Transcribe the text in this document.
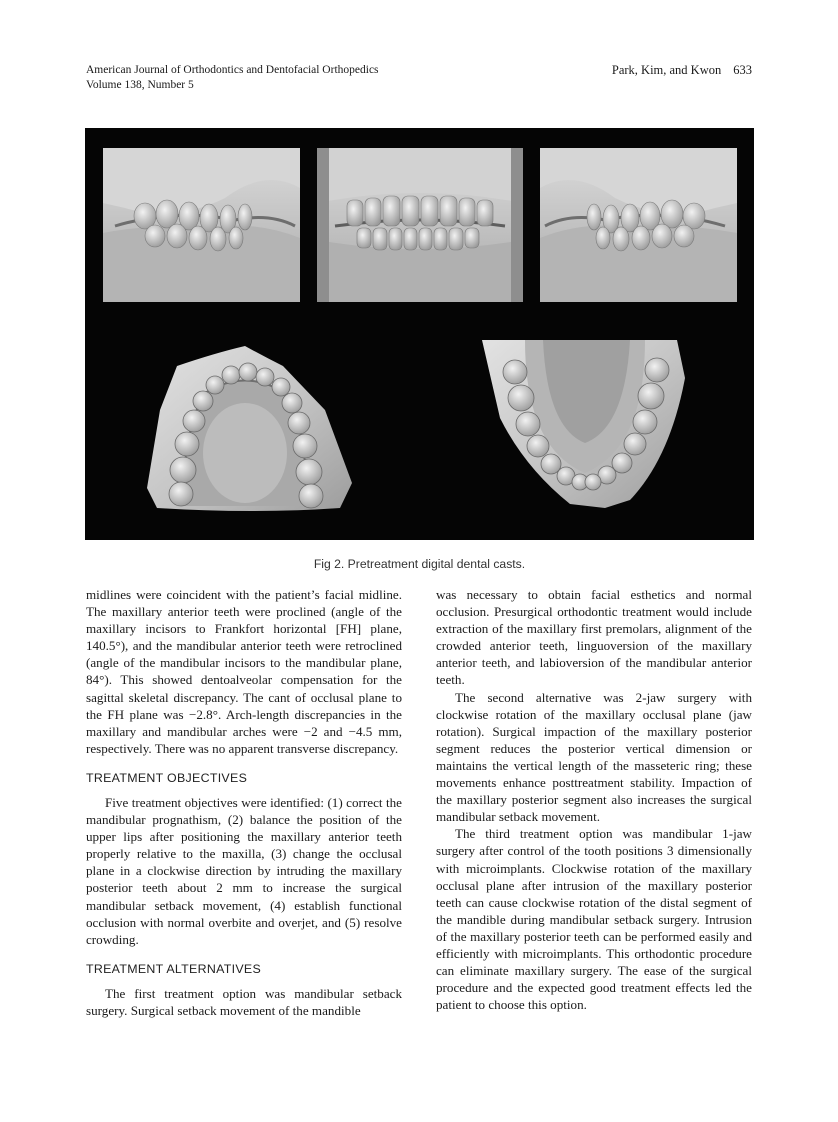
American Journal of Orthodontics and Dentofacial Orthopedics
Volume 138, Number 5
Park, Kim, and Kwon 633
Fig 2. Pretreatment digital dental casts.

midlines were coincident with the patient’s facial midline. The maxillary anterior teeth were proclined (angle of the maxillary incisors to Frankfort horizontal [FH] plane, 140.5°), and the mandibular anterior teeth were retroclined (angle of the mandibular incisors to the mandibular plane, 84°). This showed dentoalveolar compensation for the sagittal skeletal discrepancy. The cant of occlusal plane to the FH plane was −2.8°. Arch-length discrepancies in the maxillary and mandibular arches were −2 and −4.5 mm, respectively. There was no apparent transverse discrepancy.

TREATMENT OBJECTIVES

Five treatment objectives were identified: (1) correct the mandibular prognathism, (2) balance the position of the upper lips after positioning the maxillary anterior teeth properly relative to the maxilla, (3) change the occlusal plane in a clockwise direction by intruding the maxillary posterior teeth about 2 mm to increase the surgical mandibular setback movement, (4) establish functional occlusion with normal overbite and overjet, and (5) resolve crowding.

TREATMENT ALTERNATIVES

The first treatment option was mandibular setback surgery. Surgical setback movement of the mandible

was necessary to obtain facial esthetics and normal occlusion. Presurgical orthodontic treatment would include extraction of the maxillary first premolars, alignment of the crowded anterior teeth, linguoversion of the maxillary anterior teeth, and labioversion of the mandibular anterior teeth.

The second alternative was 2-jaw surgery with clockwise rotation of the maxillary occlusal plane (jaw rotation). Surgical impaction of the maxillary posterior segment reduces the posterior vertical dimension or maintains the vertical length of the masseteric ring; these movements enhance posttreatment stability. Impaction of the maxillary posterior segment also increases the surgical mandibular setback movement.

The third treatment option was mandibular 1-jaw surgery after control of the tooth positions 3 dimensionally with microimplants. Clockwise rotation of the maxillary occlusal plane after intrusion of the maxillary posterior teeth can cause clockwise rotation of the distal segment of the mandible during mandibular setback surgery. Intrusion of the maxillary posterior teeth can be performed easily and efficiently with microimplants. This orthodontic procedure can eliminate maxillary surgery. The ease of the surgical procedure and the expected good treatment effects led the patient to choose this option.
